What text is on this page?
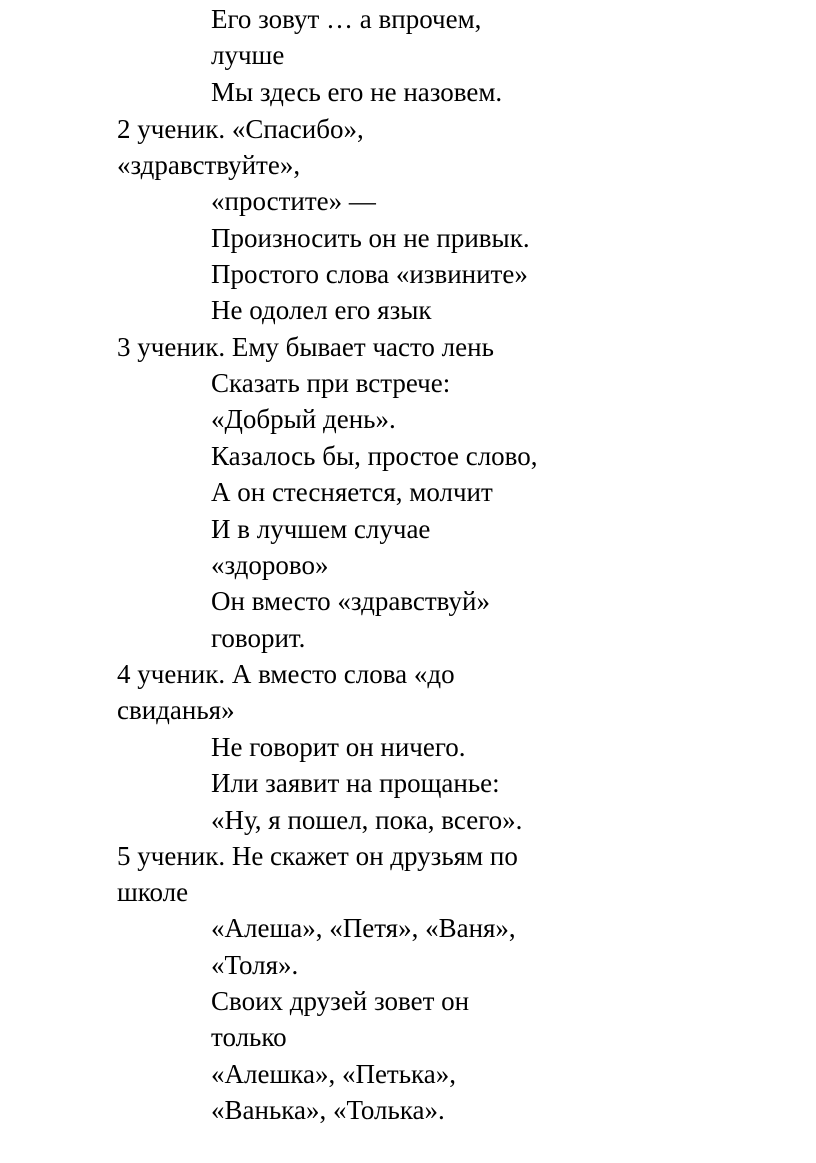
Его зовут … а впрочем,
лучше
Мы здесь его не назовем.
2 ученик. «Спасибо»,
«здравствуйте»,
«простите» —
Произносить он не привык.
Простого слова «извините»
Не одолел его язык
3 ученик. Ему бывает часто лень
Сказать при встрече:
«Добрый день».
Казалось бы, простое слово,
А он стесняется, молчит
И в лучшем случае
«здорово»
Он вместо «здравствуй»
говорит.
4 ученик. А вместо слова «до
свиданья»
Не говорит он ничего.
Или заявит на прощанье:
«Ну, я пошел, пока, всего».
5 ученик. Не скажет он друзьям по
школе
«Алеша», «Петя», «Ваня»,
«Толя».
Своих друзей зовет он
только
«Алешка», «Петька»,
«Ванька», «Толька».
